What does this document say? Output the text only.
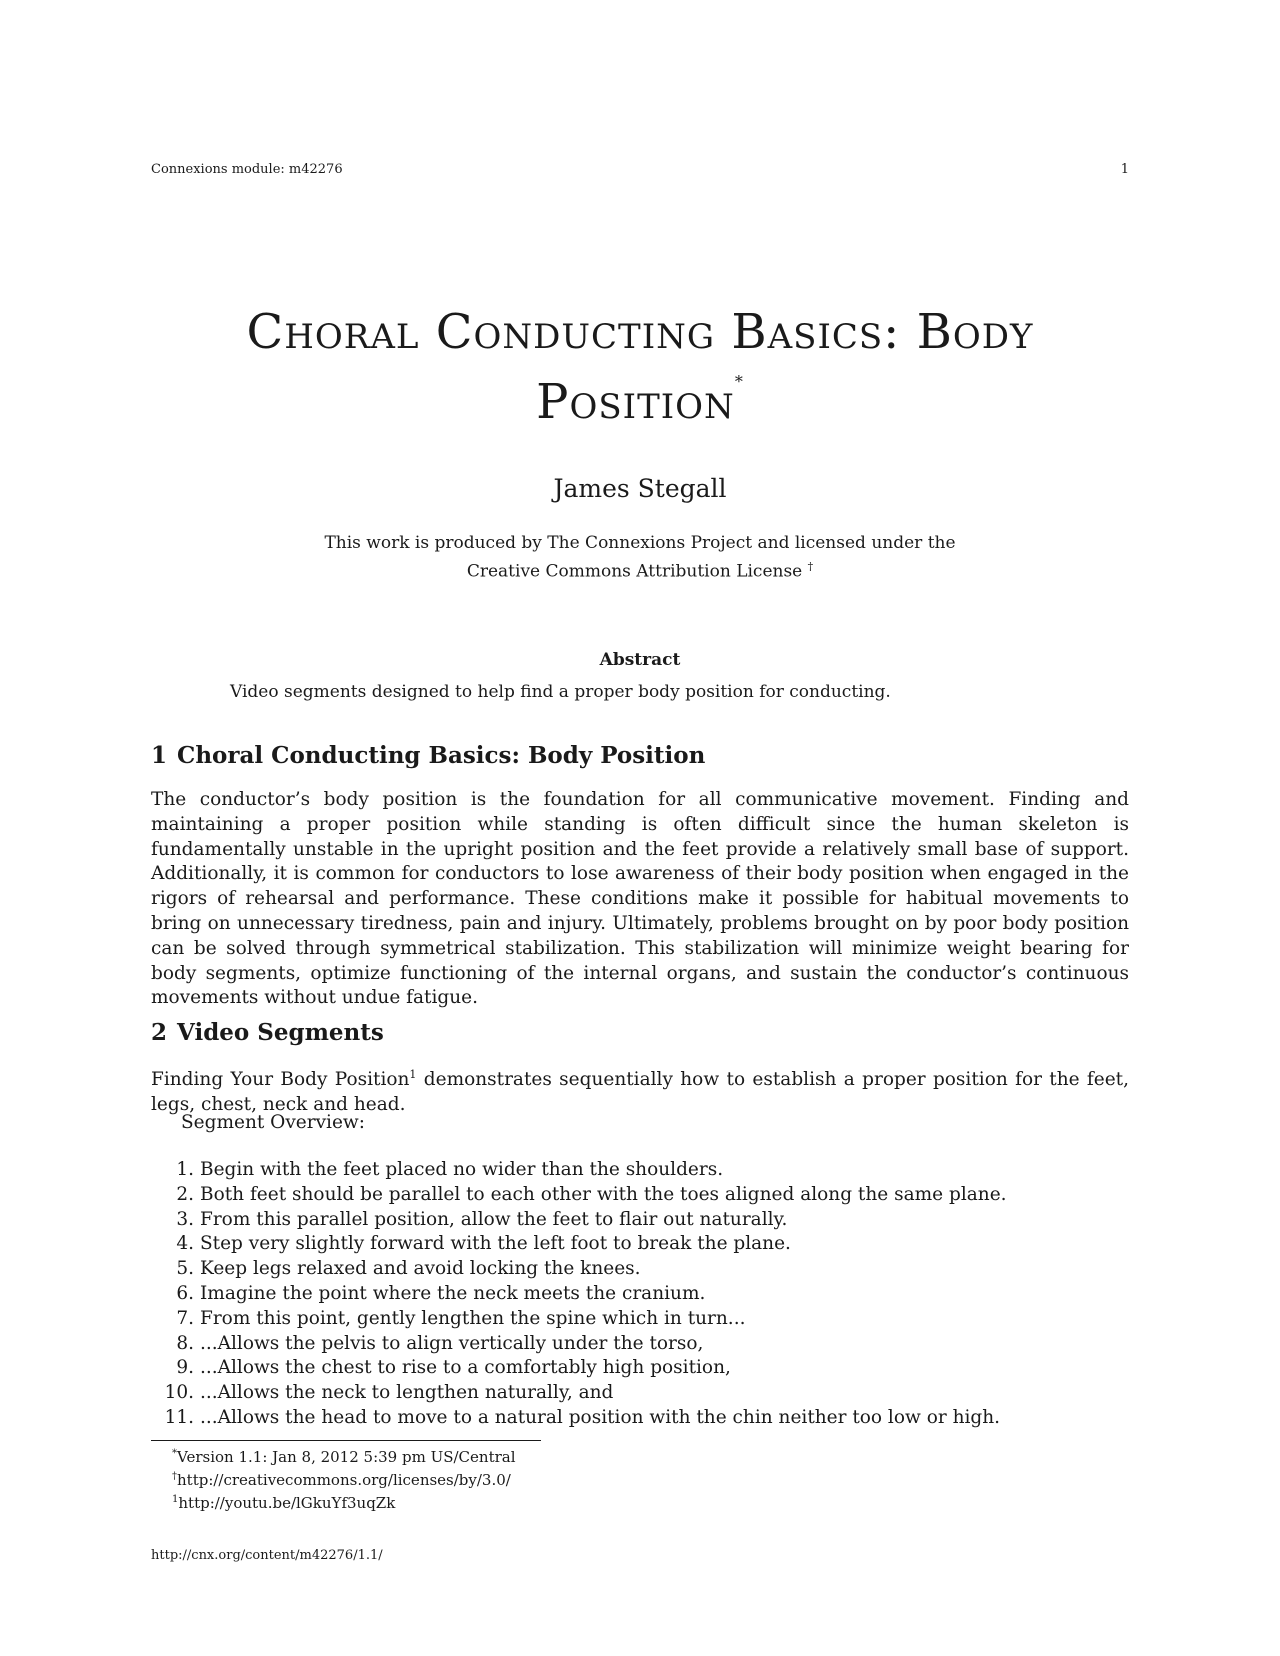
Connexions module: m42276	1
Choral Conducting Basics: Body Position*
James Stegall
This work is produced by The Connexions Project and licensed under the
Creative Commons Attribution License †
Abstract
Video segments designed to help find a proper body position for conducting.
1 Choral Conducting Basics: Body Position

The conductor’s body position is the foundation for all communicative movement. Finding and maintaining a proper position while standing is often difficult since the human skeleton is fundamentally unstable in the upright position and the feet provide a relatively small base of support. Additionally, it is common for conductors to lose awareness of their body position when engaged in the rigors of rehearsal and performance. These conditions make it possible for habitual movements to bring on unnecessary tiredness, pain and injury. Ultimately, problems brought on by poor body position can be solved through symmetrical stabilization. This stabilization will minimize weight bearing for body segments, optimize functioning of the internal organs, and sustain the conductor’s continuous movements without undue fatigue.

2 Video Segments

Finding Your Body Position$^1$ demonstrates sequentially how to establish a proper position for the feet, legs, chest, neck and head.

Segment Overview:
1. Begin with the feet placed no wider than the shoulders.
2. Both feet should be parallel to each other with the toes aligned along the same plane.
3. From this parallel position, allow the feet to flair out naturally.
4. Step very slightly forward with the left foot to break the plane.
5. Keep legs relaxed and avoid locking the knees.
6. Imagine the point where the neck meets the cranium.
7. From this point, gently lengthen the spine which in turn...
8. ...Allows the pelvis to align vertically under the torso,
9. ...Allows the chest to rise to a comfortably high position,
10. ...Allows the neck to lengthen naturally, and
11. ...Allows the head to move to a natural position with the chin neither too low or high.
*Version 1.1: Jan 8, 2012 5:39 pm US/Central
†http://creativecommons.org/licenses/by/3.0/
$^1$http://youtu.be/lGkuYf3uqZk
http://cnx.org/content/m42276/1.1/
